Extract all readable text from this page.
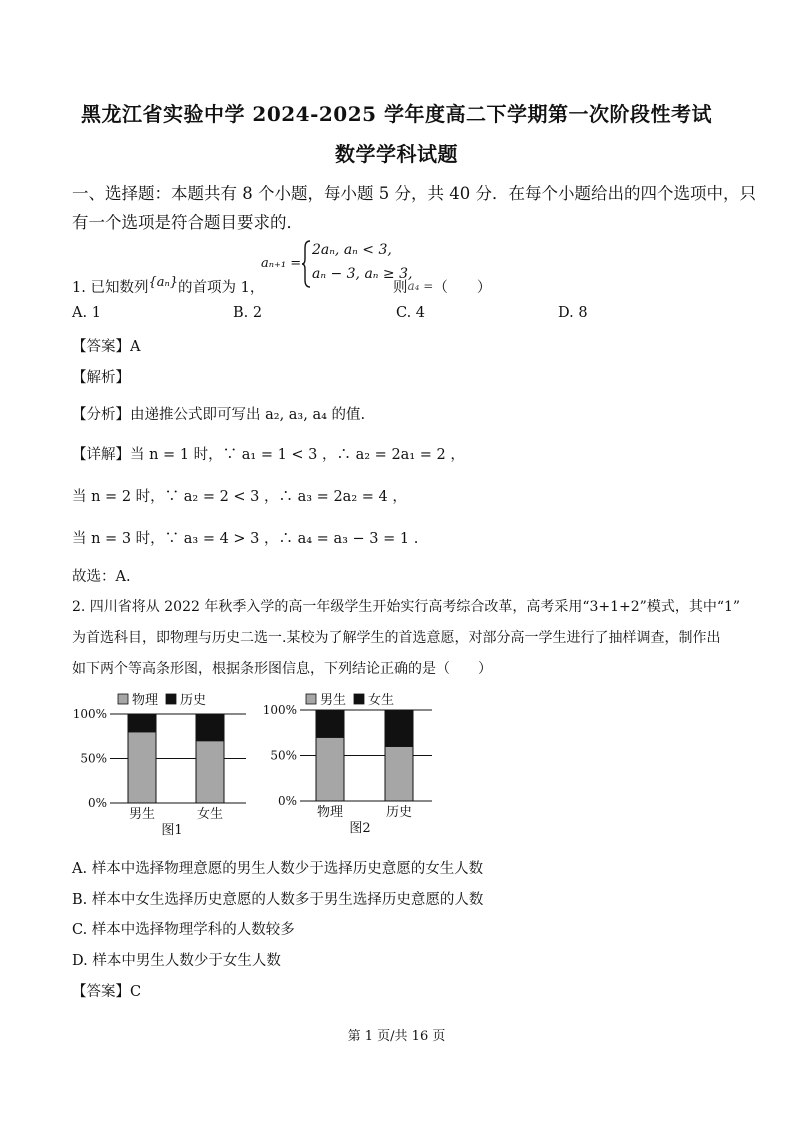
黑龙江省实验中学 2024-2025 学年度高二下学期第一次阶段性考试
数学学科试题
一、选择题：本题共有 8 个小题，每小题 5 分，共 40 分．在每个小题给出的四个选项中，只
有一个选项是符合题目要求的．
1. 已知数列{aₙ}的首项为 1，
aₙ₊₁ =
2aₙ, aₙ < 3,
aₙ − 3, aₙ ≥ 3,
则a₄ =（　　）
A. 1	B. 2	C. 4	D. 8
【答案】A
【解析】
【分析】由递推公式即可写出 a₂, a₃, a₄ 的值.
【详解】当 n = 1 时，∵ a₁ = 1 < 3 ，∴ a₂ = 2a₁ = 2 ，
当 n = 2 时，∵ a₂ = 2 < 3 ，∴ a₃ = 2a₂ = 4 ，
当 n = 3 时，∵ a₃ = 4 > 3 ，∴ a₄ = a₃ − 3 = 1 .
故选：A.
2. 四川省将从 2022 年秋季入学的高一年级学生开始实行高考综合改革，高考采用“3+1+2”模式，其中“1”
为首选科目，即物理与历史二选一.某校为了解学生的首选意愿，对部分高一学生进行了抽样调查，制作出
如下两个等高条形图，根据条形图信息，下列结论正确的是（　　）
物理 历史
0%
50%
100%
男生	女生
图1
男生 女生
0%
50%
100%
物理	历史
图2
A. 样本中选择物理意愿的男生人数少于选择历史意愿的女生人数
B. 样本中女生选择历史意愿的人数多于男生选择历史意愿的人数
C. 样本中选择物理学科的人数较多
D. 样本中男生人数少于女生人数
【答案】C
第 1 页/共 16 页
